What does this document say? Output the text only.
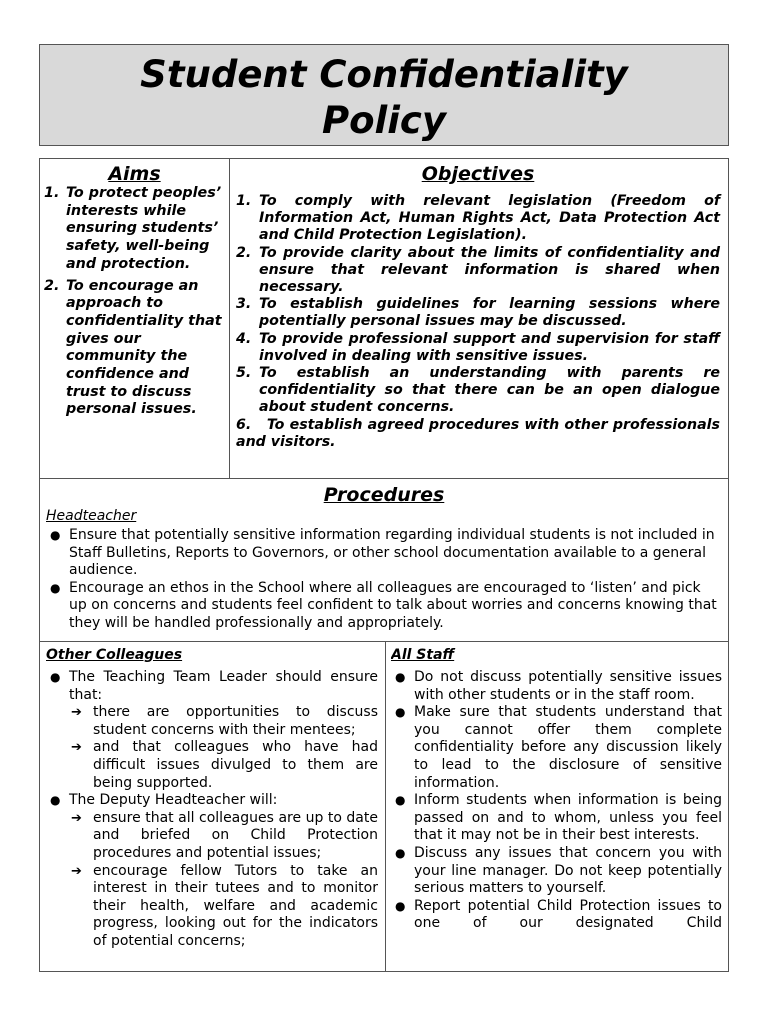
Student Confidentiality
Policy
Aims
1. To protect peoples’ interests while ensuring students’ safety, well-being and protection.
2. To encourage an approach to confidentiality that gives our community the confidence and trust to discuss personal issues.
Objectives
1. To comply with relevant legislation (Freedom of Information Act, Human Rights Act, Data Protection Act and Child Protection Legislation).
2. To provide clarity about the limits of confidentiality and ensure that relevant information is shared when necessary.
3. To establish guidelines for learning sessions where potentially personal issues may be discussed.
4. To provide professional support and supervision for staff involved in dealing with sensitive issues.
5. To establish an understanding with parents re confidentiality so that there can be an open dialogue about student concerns.
6. To establish agreed procedures with other professionals and visitors.
Procedures
Headteacher
● Ensure that potentially sensitive information regarding individual students is not included in Staff Bulletins, Reports to Governors, or other school documentation available to a general audience.
● Encourage an ethos in the School where all colleagues are encouraged to ‘listen’ and pick up on concerns and students feel confident to talk about worries and concerns knowing that they will be handled professionally and appropriately.
Other Colleagues
● The Teaching Team Leader should ensure that:
➔ there are opportunities to discuss student concerns with their mentees;
➔ and that colleagues who have had difficult issues divulged to them are being supported.
● The Deputy Headteacher will:
➔ ensure that all colleagues are up to date and briefed on Child Protection procedures and potential issues;
➔ encourage fellow Tutors to take an interest in their tutees and to monitor their health, welfare and academic progress, looking out for the indicators of potential concerns;
All Staff
● Do not discuss potentially sensitive issues with other students or in the staff room.
● Make sure that students understand that you cannot offer them complete confidentiality before any discussion likely to lead to the disclosure of sensitive information.
● Inform students when information is being passed on and to whom, unless you feel that it may not be in their best interests.
● Discuss any issues that concern you with your line manager. Do not keep potentially serious matters to yourself.
● Report potential Child Protection issues to one of our designated Child
